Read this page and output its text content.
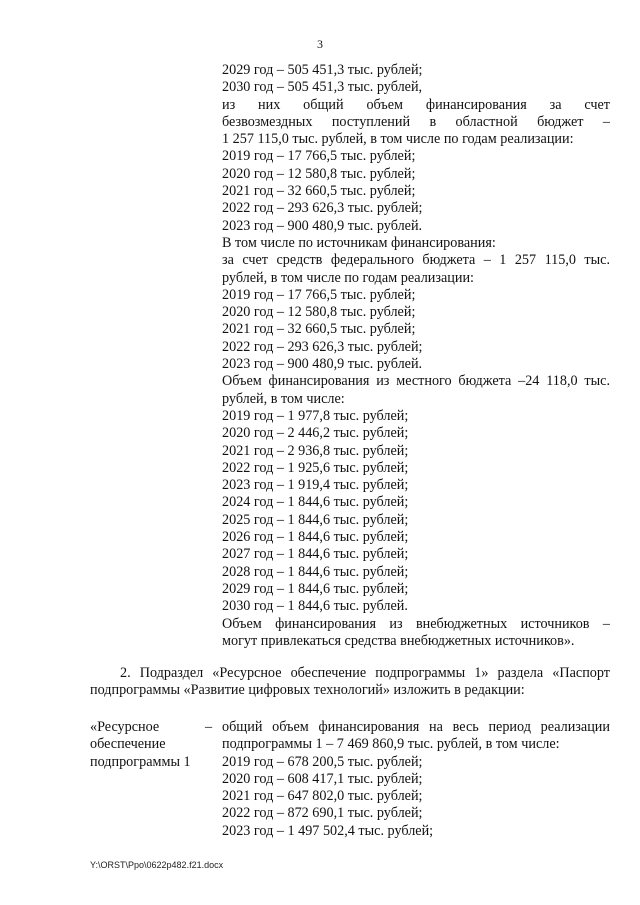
3
2029 год – 505 451,3 тыс. рублей;
2030 год – 505 451,3 тыс. рублей,
из них общий объем финансирования за счет
безвозмездных поступлений в областной бюджет –
1 257 115,0 тыс. рублей, в том числе по годам реализации:
2019 год – 17 766,5 тыс. рублей;
2020 год – 12 580,8 тыс. рублей;
2021 год – 32 660,5 тыс. рублей;
2022 год – 293 626,3 тыс. рублей;
2023 год – 900 480,9 тыс. рублей.
В том числе по источникам финансирования:
за счет средств федерального бюджета – 1 257 115,0 тыс.
рублей, в том числе по годам реализации:
2019 год – 17 766,5 тыс. рублей;
2020 год – 12 580,8 тыс. рублей;
2021 год – 32 660,5 тыс. рублей;
2022 год – 293 626,3 тыс. рублей;
2023 год – 900 480,9 тыс. рублей.
Объем финансирования из местного бюджета –24 118,0 тыс.
рублей, в том числе:
2019 год – 1 977,8 тыс. рублей;
2020 год – 2 446,2 тыс. рублей;
2021 год – 2 936,8 тыс. рублей;
2022 год – 1 925,6 тыс. рублей;
2023 год – 1 919,4 тыс. рублей;
2024 год – 1 844,6 тыс. рублей;
2025 год – 1 844,6 тыс. рублей;
2026 год – 1 844,6 тыс. рублей;
2027 год – 1 844,6 тыс. рублей;
2028 год – 1 844,6 тыс. рублей;
2029 год – 1 844,6 тыс. рублей;
2030 год – 1 844,6 тыс. рублей.
Объем финансирования из внебюджетных источников –
могут привлекаться средства внебюджетных источников».
2. Подраздел «Ресурсное обеспечение подпрограммы 1» раздела «Паспорт
подпрограммы «Развитие цифровых технологий» изложить в редакции:
«Ресурсное
обеспечение
подпрограммы 1
– общий объем финансирования на весь период реализации
подпрограммы 1 – 7 469 860,9 тыс. рублей, в том числе:
2019 год – 678 200,5 тыс. рублей;
2020 год – 608 417,1 тыс. рублей;
2021 год – 647 802,0 тыс. рублей;
2022 год – 872 690,1 тыс. рублей;
2023 год – 1 497 502,4 тыс. рублей;
Y:\ORST\Ppo\0622p482.f21.docx
